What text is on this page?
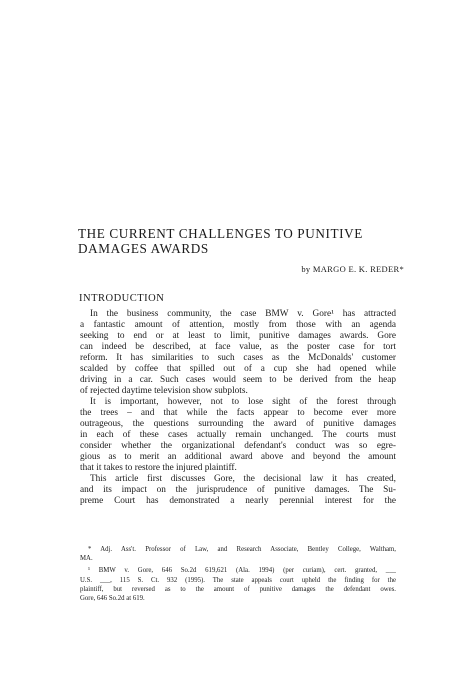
THE CURRENT CHALLENGES TO PUNITIVE
DAMAGES AWARDS

by MARGO E. K. REDER*

INTRODUCTION
In the business community, the case BMW v. Gore¹ has attracted
a fantastic amount of attention, mostly from those with an agenda
seeking to end or at least to limit, punitive damages awards. Gore
can indeed be described, at face value, as the poster case for tort
reform. It has similarities to such cases as the McDonalds' customer
scalded by coffee that spilled out of a cup she had opened while
driving in a car. Such cases would seem to be derived from the heap
of rejected daytime television show subplots.
It is important, however, not to lose sight of the forest through
the trees – and that while the facts appear to become ever more
outrageous, the questions surrounding the award of punitive damages
in each of these cases actually remain unchanged. The courts must
consider whether the organizational defendant's conduct was so egre-
gious as to merit an additional award above and beyond the amount
that it takes to restore the injured plaintiff.
This article first discusses Gore, the decisional law it has created,
and its impact on the jurisprudence of punitive damages. The Su-
preme Court has demonstrated a nearly perennial interest for the
* Adj. Ass't. Professor of Law, and Research Associate, Bentley College, Waltham,
MA.
¹ BMW v. Gore, 646 So.2d 619,621 (Ala. 1994) (per curiam), cert. granted, ___
U.S. ___, 115 S. Ct. 932 (1995). The state appeals court upheld the finding for the
plaintiff, but reversed as to the amount of punitive damages the defendant owes.
Gore, 646 So.2d at 619.
